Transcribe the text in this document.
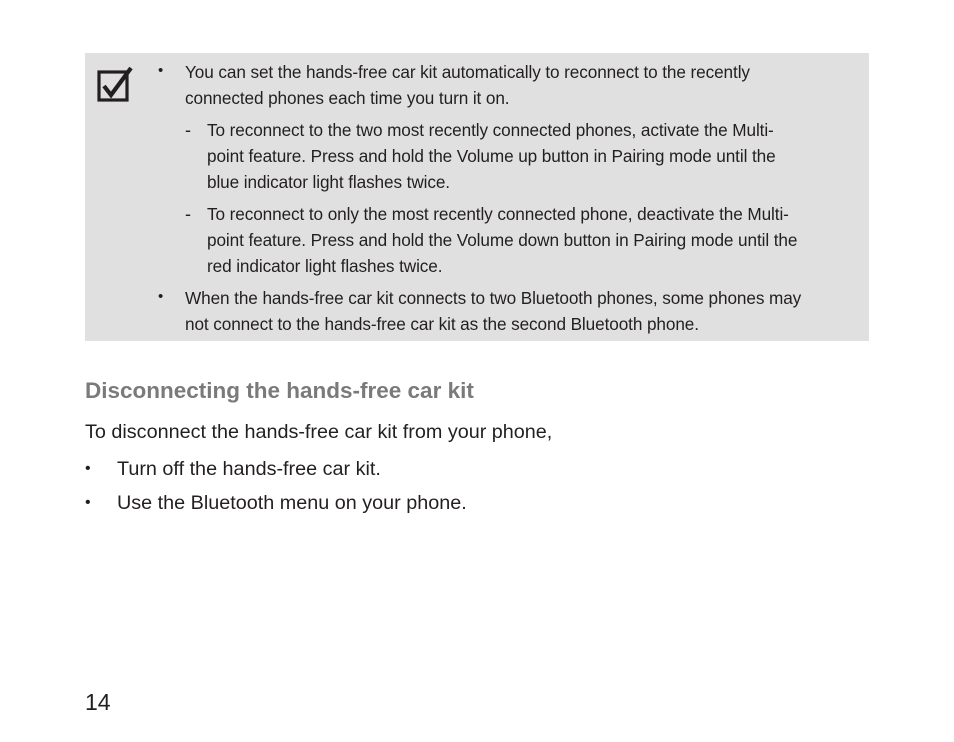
• You can set the hands-free car kit automatically to reconnect to the recently
connected phones each time you turn it on.
- To reconnect to the two most recently connected phones, activate the Multi-
point feature. Press and hold the Volume up button in Pairing mode until the
blue indicator light flashes twice.
- To reconnect to only the most recently connected phone, deactivate the Multi-
point feature. Press and hold the Volume down button in Pairing mode until the
red indicator light flashes twice.
• When the hands-free car kit connects to two Bluetooth phones, some phones may
not connect to the hands-free car kit as the second Bluetooth phone.
Disconnecting the hands-free car kit
To disconnect the hands-free car kit from your phone,
• Turn off the hands-free car kit.
• Use the Bluetooth menu on your phone.
14
